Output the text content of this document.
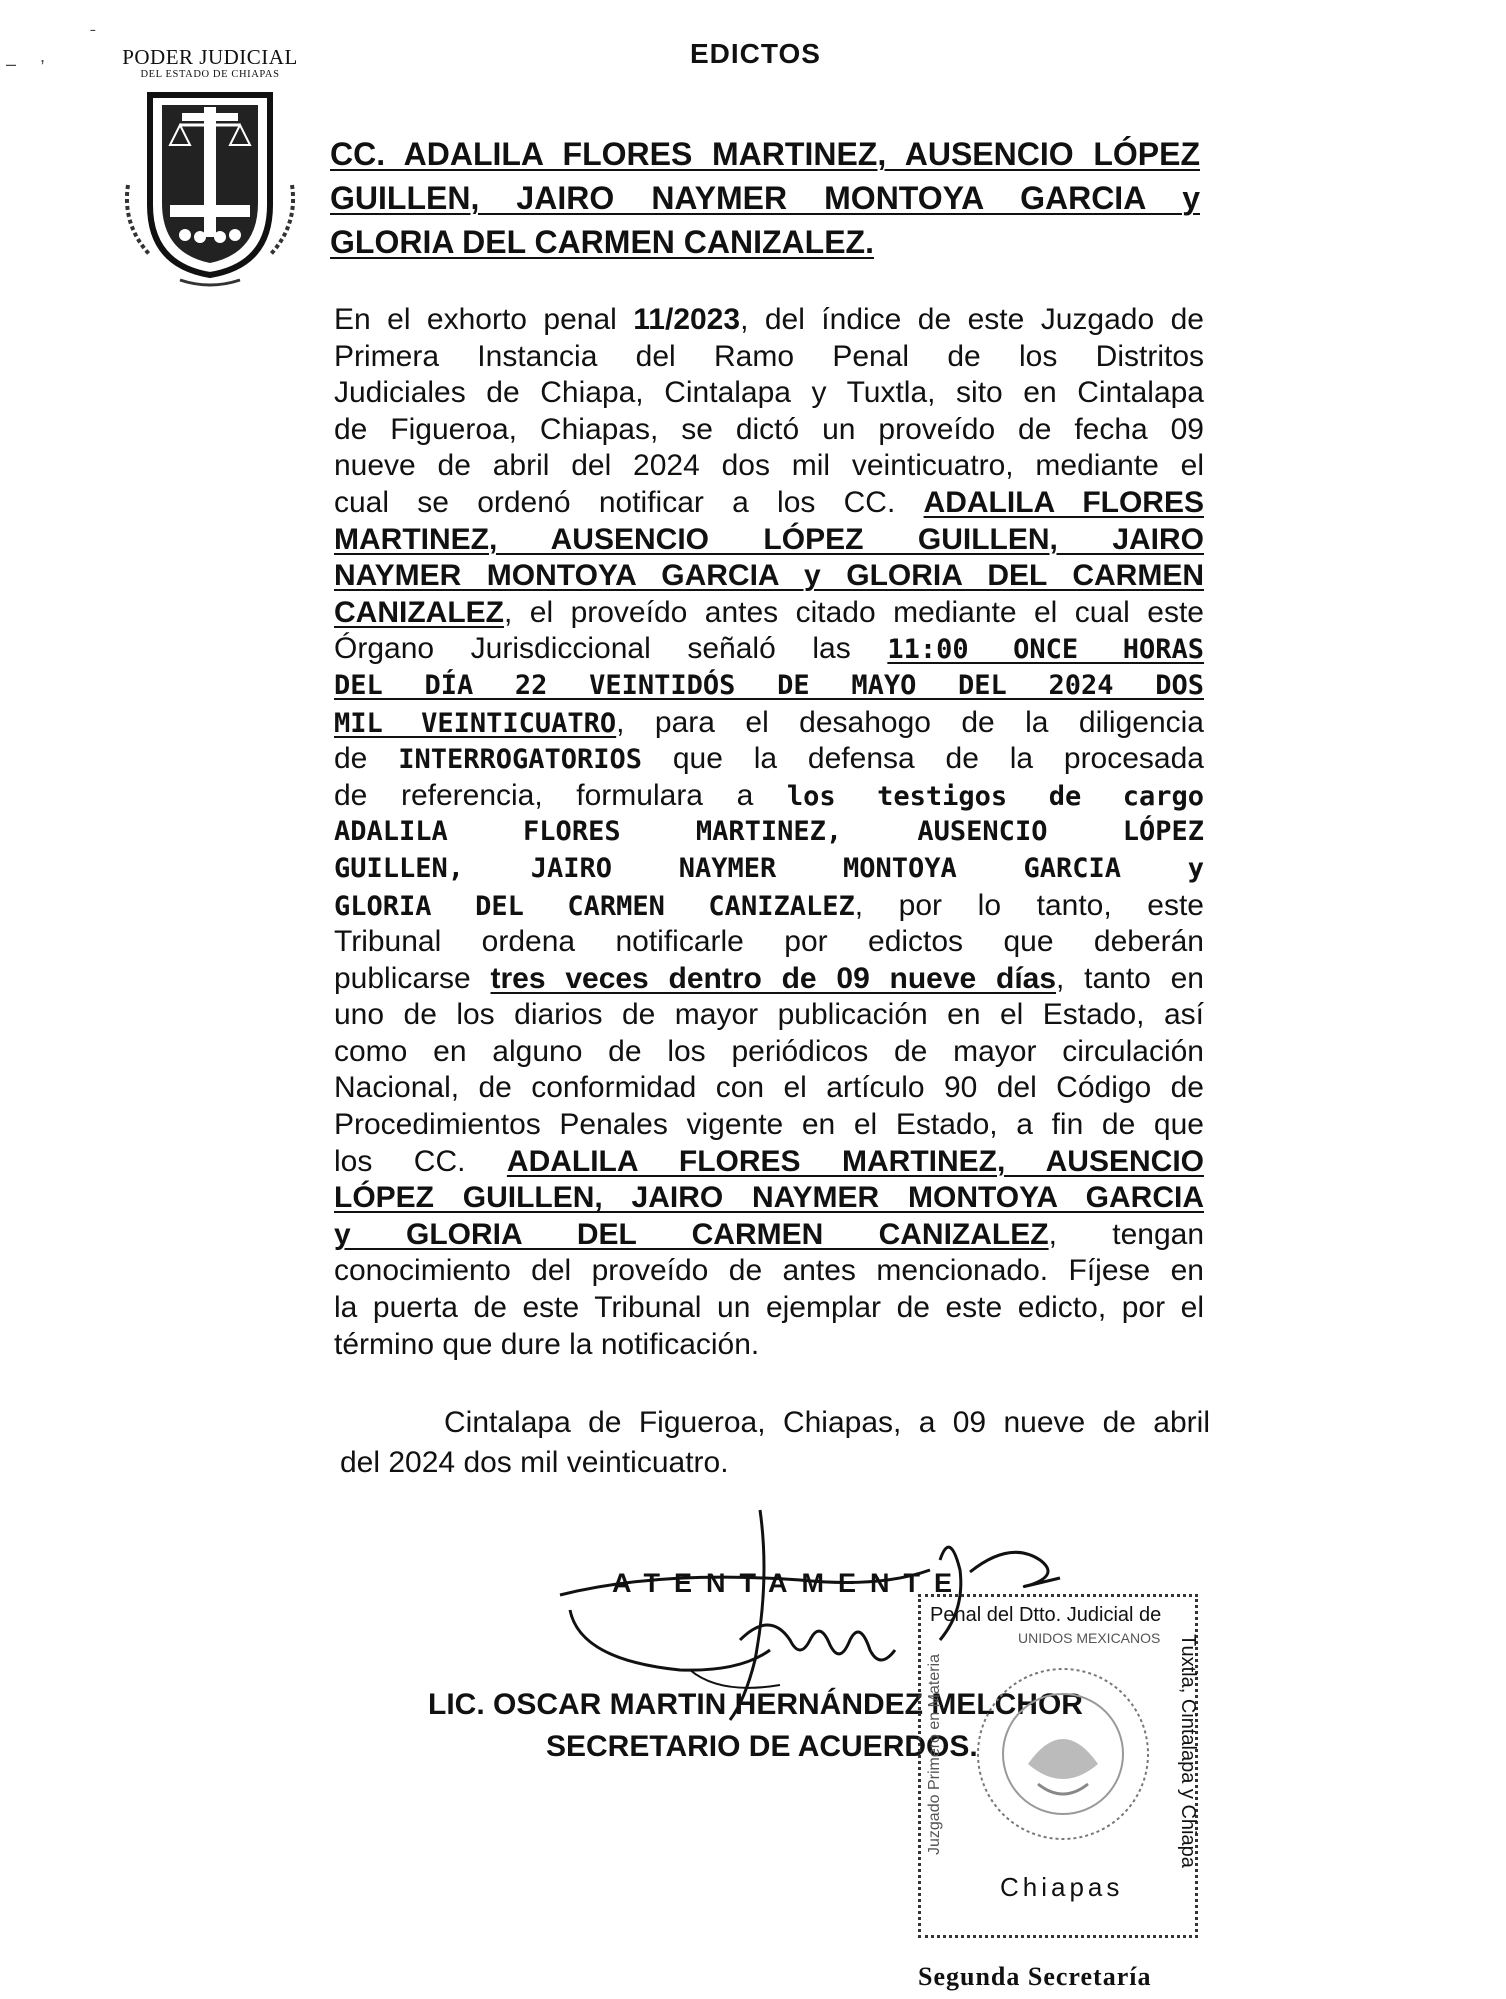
PODER JUDICIAL
DEL ESTADO DE CHIAPAS
– ,
ˉ
EDICTOS
CC. ADALILA FLORES MARTINEZ, AUSENCIO LÓPEZ
GUILLEN, JAIRO NAYMER MONTOYA GARCIA y
GLORIA DEL CARMEN CANIZALEZ.
En el exhorto penal 11/2023, del índice de este Juzgado de
Primera Instancia del Ramo Penal de los Distritos
Judiciales de Chiapa, Cintalapa y Tuxtla, sito en Cintalapa
de Figueroa, Chiapas, se dictó un proveído de fecha 09
nueve de abril del 2024 dos mil veinticuatro, mediante el
cual se ordenó notificar a los CC. ADALILA FLORES
MARTINEZ, AUSENCIO LÓPEZ GUILLEN, JAIRO
NAYMER MONTOYA GARCIA y GLORIA DEL CARMEN
CANIZALEZ, el proveído antes citado mediante el cual este
Órgano Jurisdiccional señaló las 11:00 ONCE HORAS
DEL DÍA 22 VEINTIDÓS DE MAYO DEL 2024 DOS
MIL VEINTICUATRO, para el desahogo de la diligencia
de INTERROGATORIOS que la defensa de la procesada
de referencia, formulara a los testigos de cargo
ADALILA FLORES MARTINEZ, AUSENCIO LÓPEZ
GUILLEN, JAIRO NAYMER MONTOYA GARCIA y
GLORIA DEL CARMEN CANIZALEZ, por lo tanto, este
Tribunal ordena notificarle por edictos que deberán
publicarse tres veces dentro de 09 nueve días, tanto en
uno de los diarios de mayor publicación en el Estado, así
como en alguno de los periódicos de mayor circulación
Nacional, de conformidad con el artículo 90 del Código de
Procedimientos Penales vigente en el Estado, a fin de que
los CC. ADALILA FLORES MARTINEZ, AUSENCIO
LÓPEZ GUILLEN, JAIRO NAYMER MONTOYA GARCIA
y GLORIA DEL CARMEN CANIZALEZ, tengan
conocimiento del proveído de antes mencionado. Fíjese en
la puerta de este Tribunal un ejemplar de este edicto, por el
término que dure la notificación.
Cintalapa de Figueroa, Chiapas, a 09 nueve de abril
del 2024 dos mil veinticuatro.
ATENTAMENTE
LIC. OSCAR MARTIN HERNÁNDEZ MELCHOR
SECRETARIO DE ACUERDOS.
Penal del Dtto. Judicial de
Tuxtla, Cintalapa y Chiapa
Juzgado Primero en Materia
UNIDOS MEXICANOS
Chiapas
Segunda Secretaría
